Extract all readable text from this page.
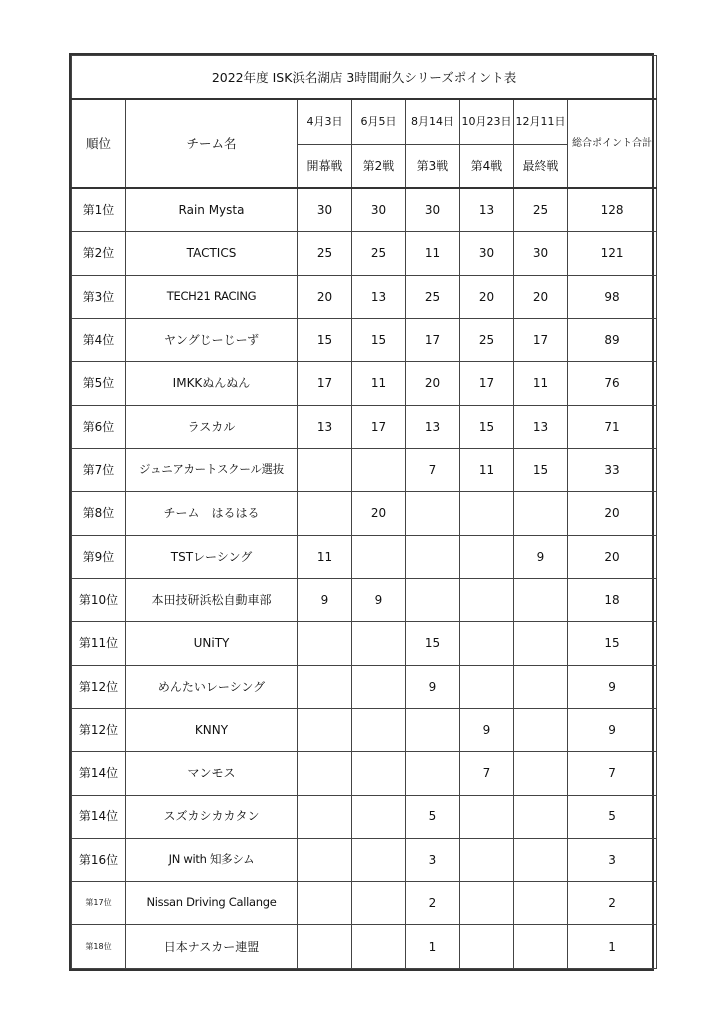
2022年度 ISK浜名湖店 3時間耐久シリーズポイント表							
順位	チーム名	4月3日	6月5日	8月14日	10月23日	12月11日	総合ポイント合計
		開幕戦	第2戦	第3戦	第4戦	最終戦	
第1位	Rain Mysta	30	30	30	13	25	128
第2位	TACTICS	25	25	11	30	30	121
第3位	TECH21 RACING	20	13	25	20	20	98
第4位	ヤングじーじーず	15	15	17	25	17	89
第5位	IMKKぬんぬん	17	11	20	17	11	76
第6位	ラスカル	13	17	13	15	13	71
第7位	ジュニアカートスクール選抜			7	11	15	33
第8位	チーム　はるはる		20				20
第9位	TSTレーシング	11				9	20
第10位	本田技研浜松自動車部	9	9				18
第11位	UNiTY			15			15
第12位	めんたいレーシング			9			9
第12位	KNNY				9		9
第14位	マンモス				7		7
第14位	スズカシカカタン			5			5
第16位	JN with 知多シム			3			3
第17位	Nissan Driving Callange			2			2
第18位	日本ナスカー連盟			1			1
